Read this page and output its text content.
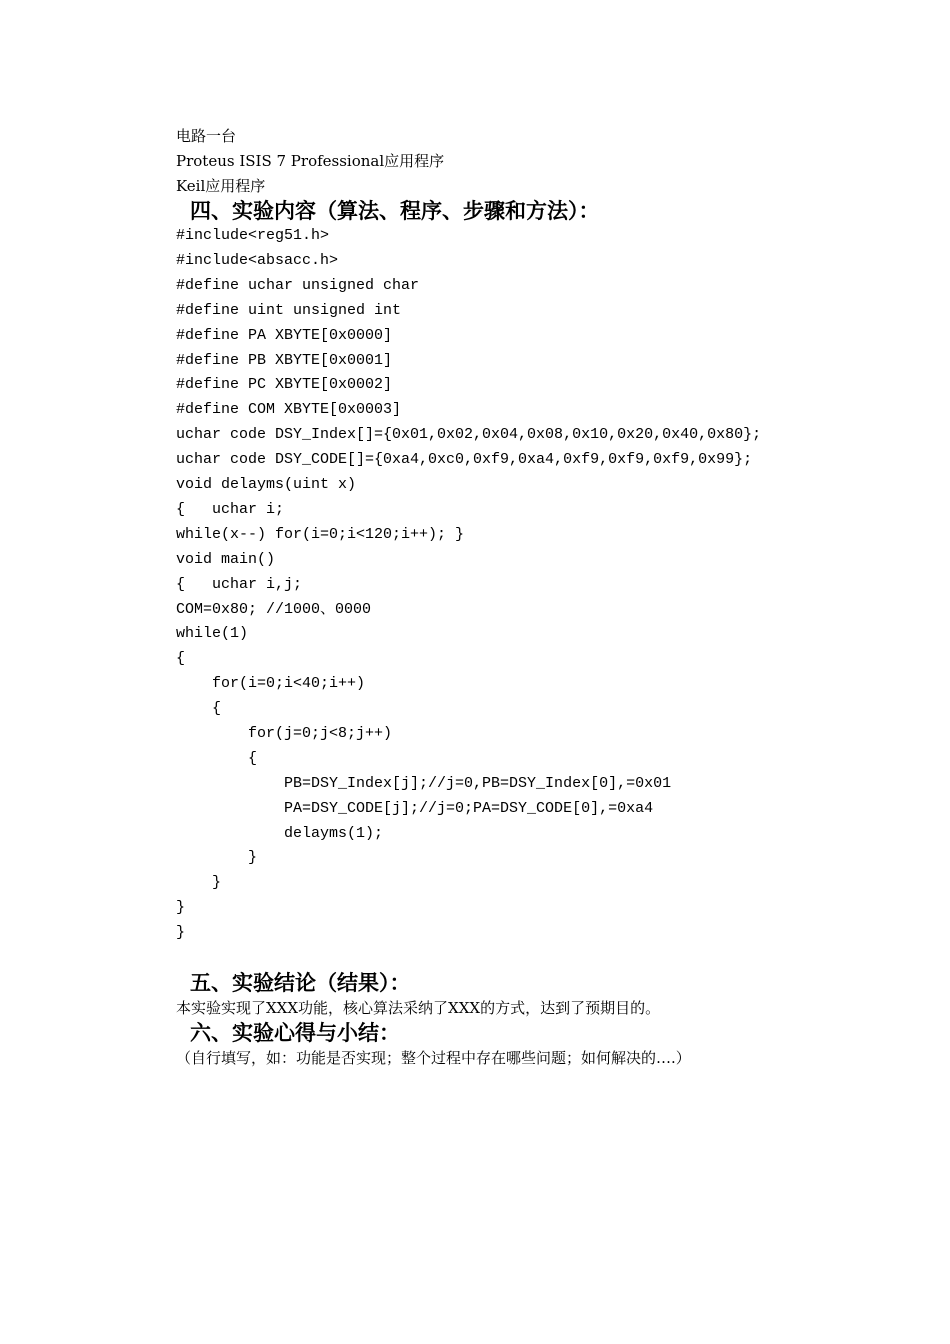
电路一台
Proteus ISIS 7 Professional应用程序
Keil应用程序
四、实验内容（算法、程序、步骤和方法）：
#include<reg51.h>
#include<absacc.h>
#define uchar unsigned char
#define uint unsigned int
#define PA XBYTE[0x0000]
#define PB XBYTE[0x0001]
#define PC XBYTE[0x0002]
#define COM XBYTE[0x0003]
uchar code DSY_Index[]={0x01,0x02,0x04,0x08,0x10,0x20,0x40,0x80};
uchar code DSY_CODE[]={0xa4,0xc0,0xf9,0xa4,0xf9,0xf9,0xf9,0x99};
void delayms(uint x)
{   uchar i;
while(x--) for(i=0;i<120;i++); }
void main()
{   uchar i,j;
COM=0x80; //1000、0000
while(1)
{
for(i=0;i<40;i++)
{
for(j=0;j<8;j++)
{
PB=DSY_Index[j];//j=0,PB=DSY_Index[0],=0x01
PA=DSY_CODE[j];//j=0;PA=DSY_CODE[0],=0xa4
delayms(1);
}
}
}
}
五、实验结论（结果）：
本实验实现了XXX功能，核心算法采纳了XXX的方式，达到了预期目的。
六、实验心得与小结：
（自行填写，如：功能是否实现；整个过程中存在哪些问题；如何解决的….）
